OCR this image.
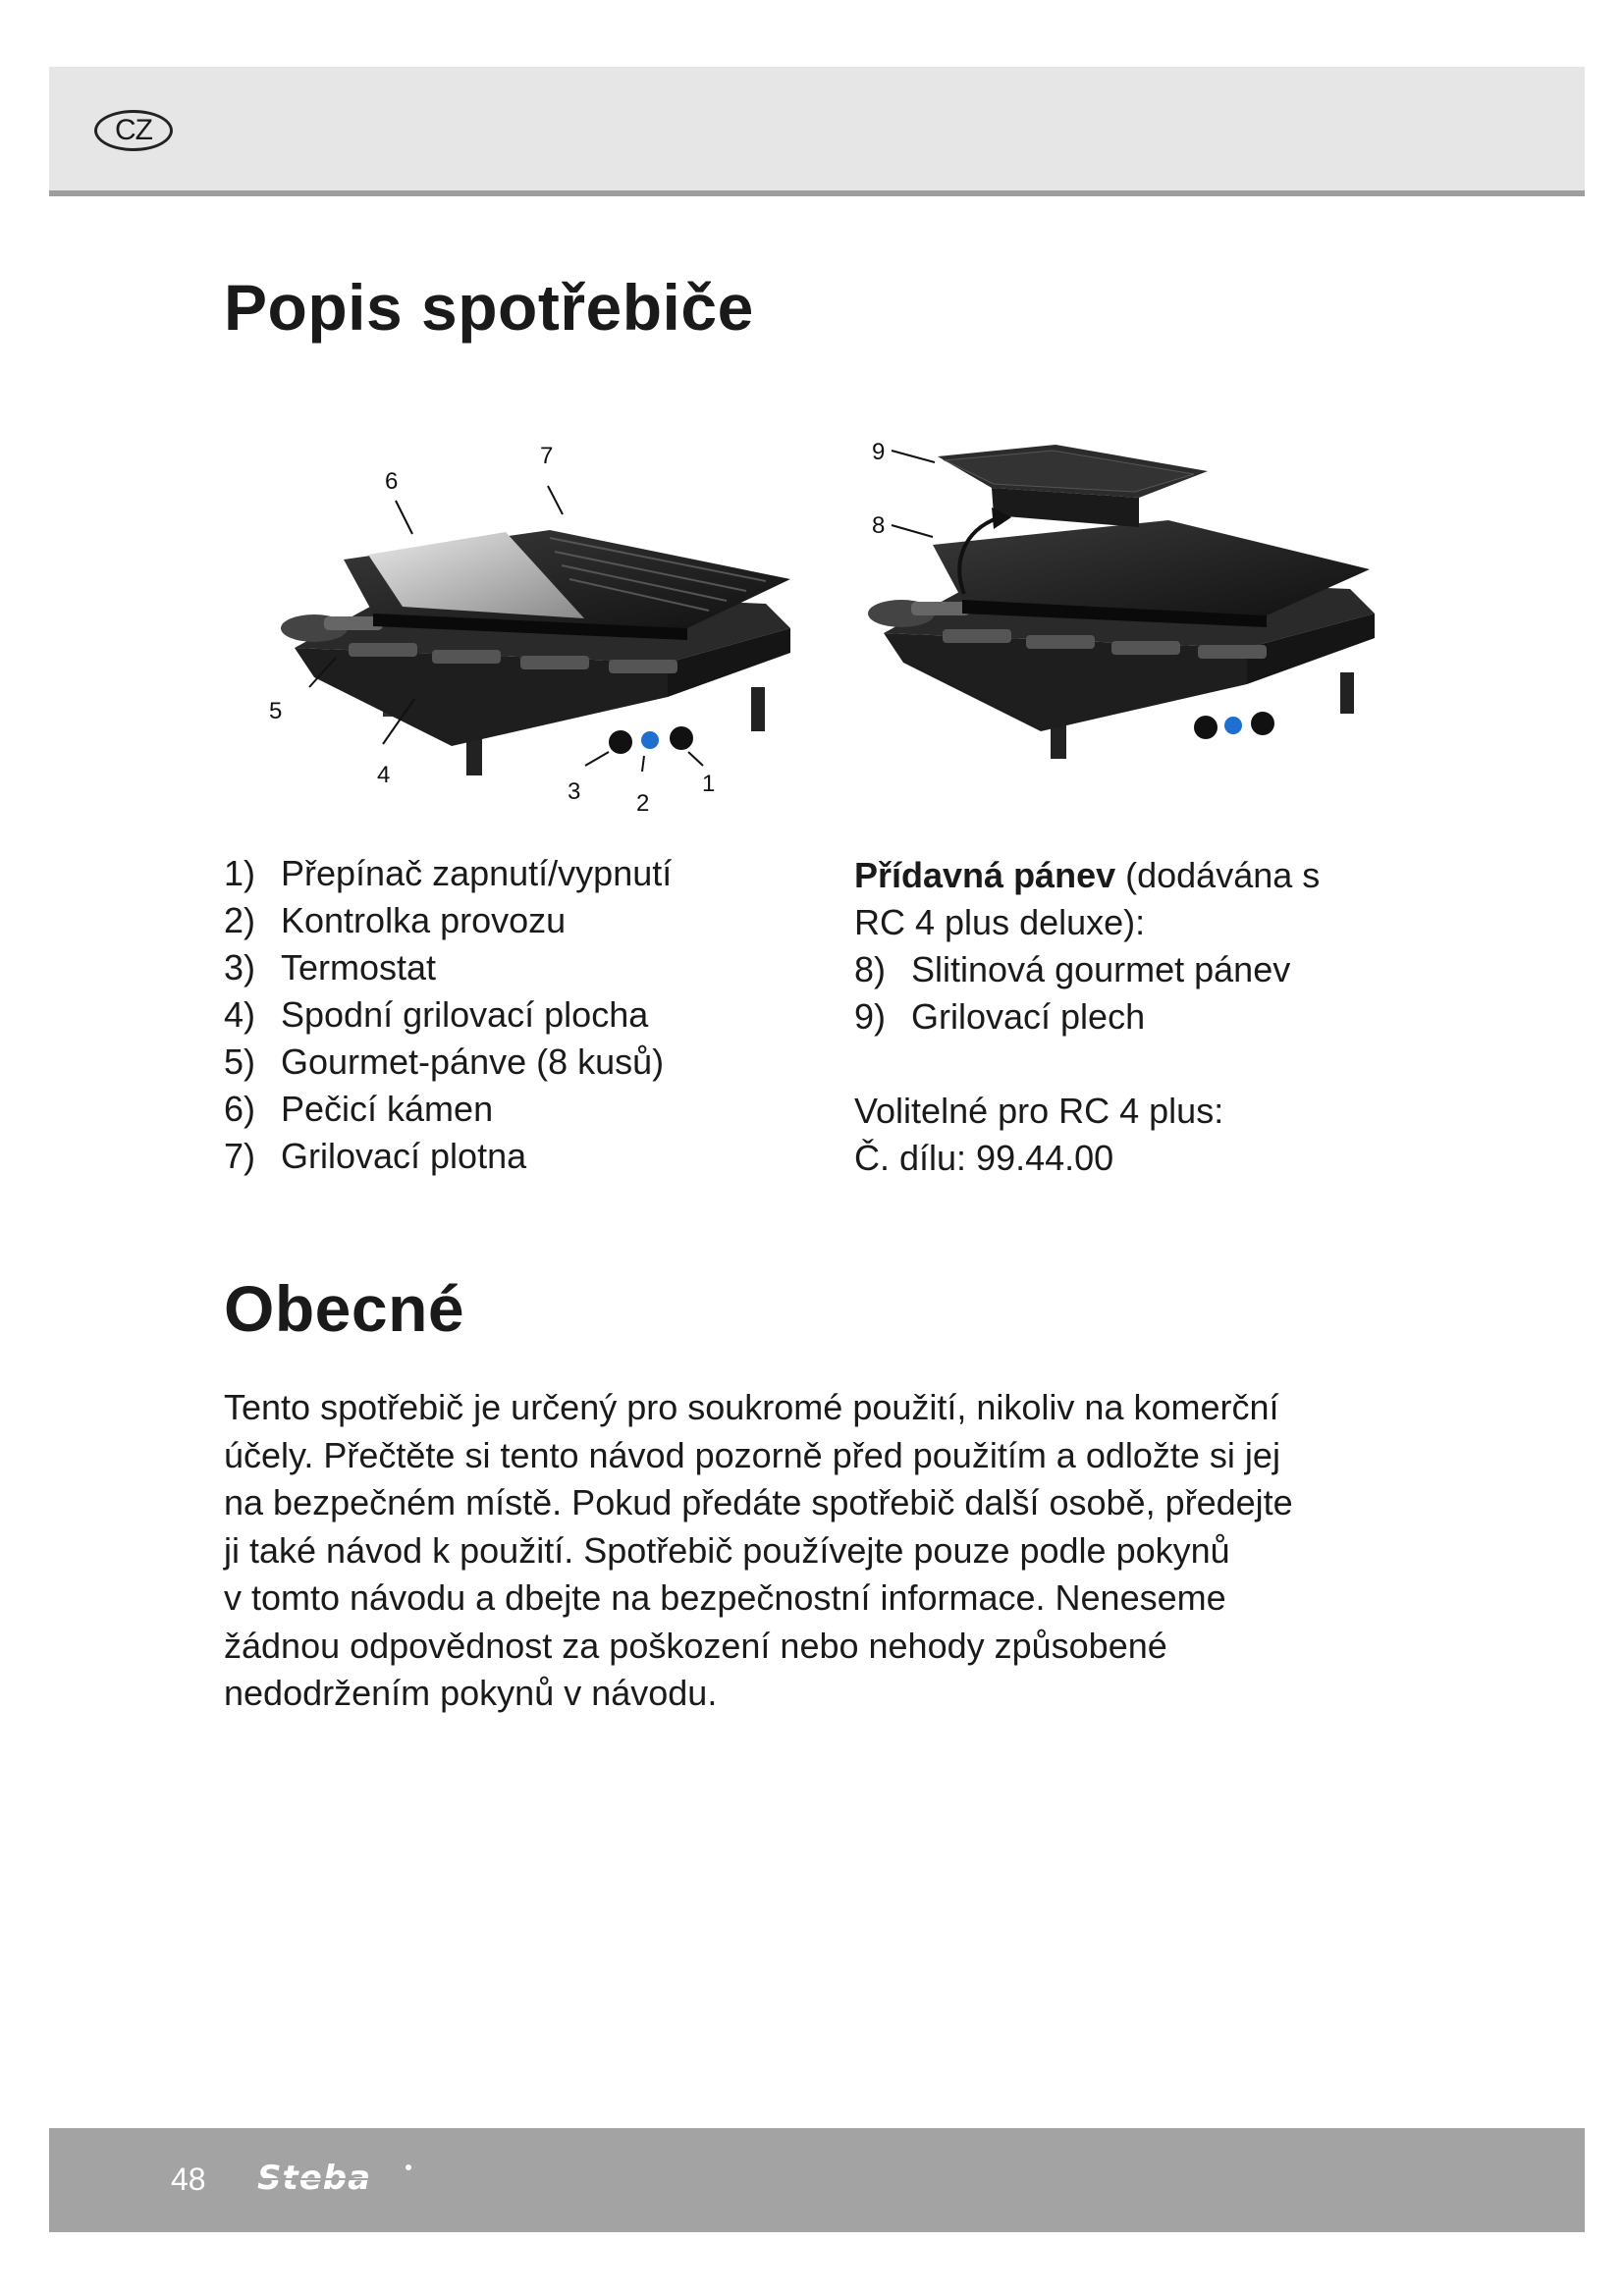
CZ
Popis spotřebiče
6
7
5
4
3 2
1
9
8
1) Přepínač zapnutí/vypnutí
2) Kontrolka provozu
3) Termostat
4) Spodní grilovací plocha
5) Gourmet-pánve (8 kusů)
6) Pečicí kámen
7) Grilovací plotna

Přídavná pánev (dodávána s

RC 4 plus deluxe):

8) Slitinová gourmet pánev
9) Grilovací plech

Volitelné pro RC 4 plus:

Č. dílu: 99.44.00

Obecné
Tento spotřebič je určený pro soukromé použití, nikoliv na komerční
účely. Přečtěte si tento návod pozorně před použitím a odložte si jej
na bezpečném místě. Pokud předáte spotřebič další osobě, předejte
ji také návod k použití. Spotřebič používejte pouze podle pokynů
v tomto návodu a dbejte na bezpečnostní informace. Neneseme
žádnou odpovědnost za poškození nebo nehody způsobené
nedodržením pokynů v návodu.
48 Steba
